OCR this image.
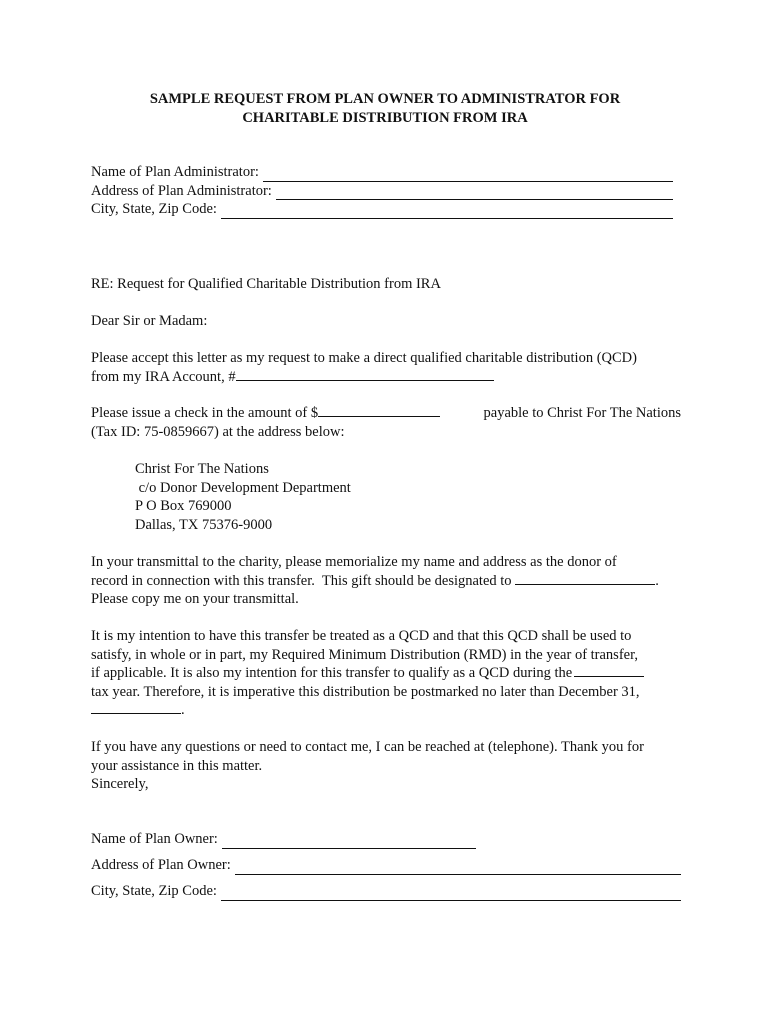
SAMPLE REQUEST FROM PLAN OWNER TO ADMINISTRATOR FOR
CHARITABLE DISTRIBUTION FROM IRA
Name of Plan Administrator:
Address of Plan Administrator:
City, State, Zip Code:
RE: Request for Qualified Charitable Distribution from IRA
Dear Sir or Madam:
Please accept this letter as my request to make a direct qualified charitable distribution (QCD)
from my IRA Account, #
Please issue a check in the amount of $	payable to Christ For The Nations
(Tax ID: 75-0859667) at the address below:
Christ For The Nations
c/o Donor Development Department
P O Box 769000
Dallas, TX 75376-9000
In your transmittal to the charity, please memorialize my name and address as the donor of
record in connection with this transfer.  This gift should be designated to	.
Please copy me on your transmittal.
It is my intention to have this transfer be treated as a QCD and that this QCD shall be used to
satisfy, in whole or in part, my Required Minimum Distribution (RMD) in the year of transfer,
if applicable. It is also my intention for this transfer to qualify as a QCD during the
tax year. Therefore, it is imperative this distribution be postmarked no later than December 31,
.
If you have any questions or need to contact me, I can be reached at (telephone). Thank you for
your assistance in this matter.
Sincerely,
Name of Plan Owner:
Address of Plan Owner:
City, State, Zip Code:
